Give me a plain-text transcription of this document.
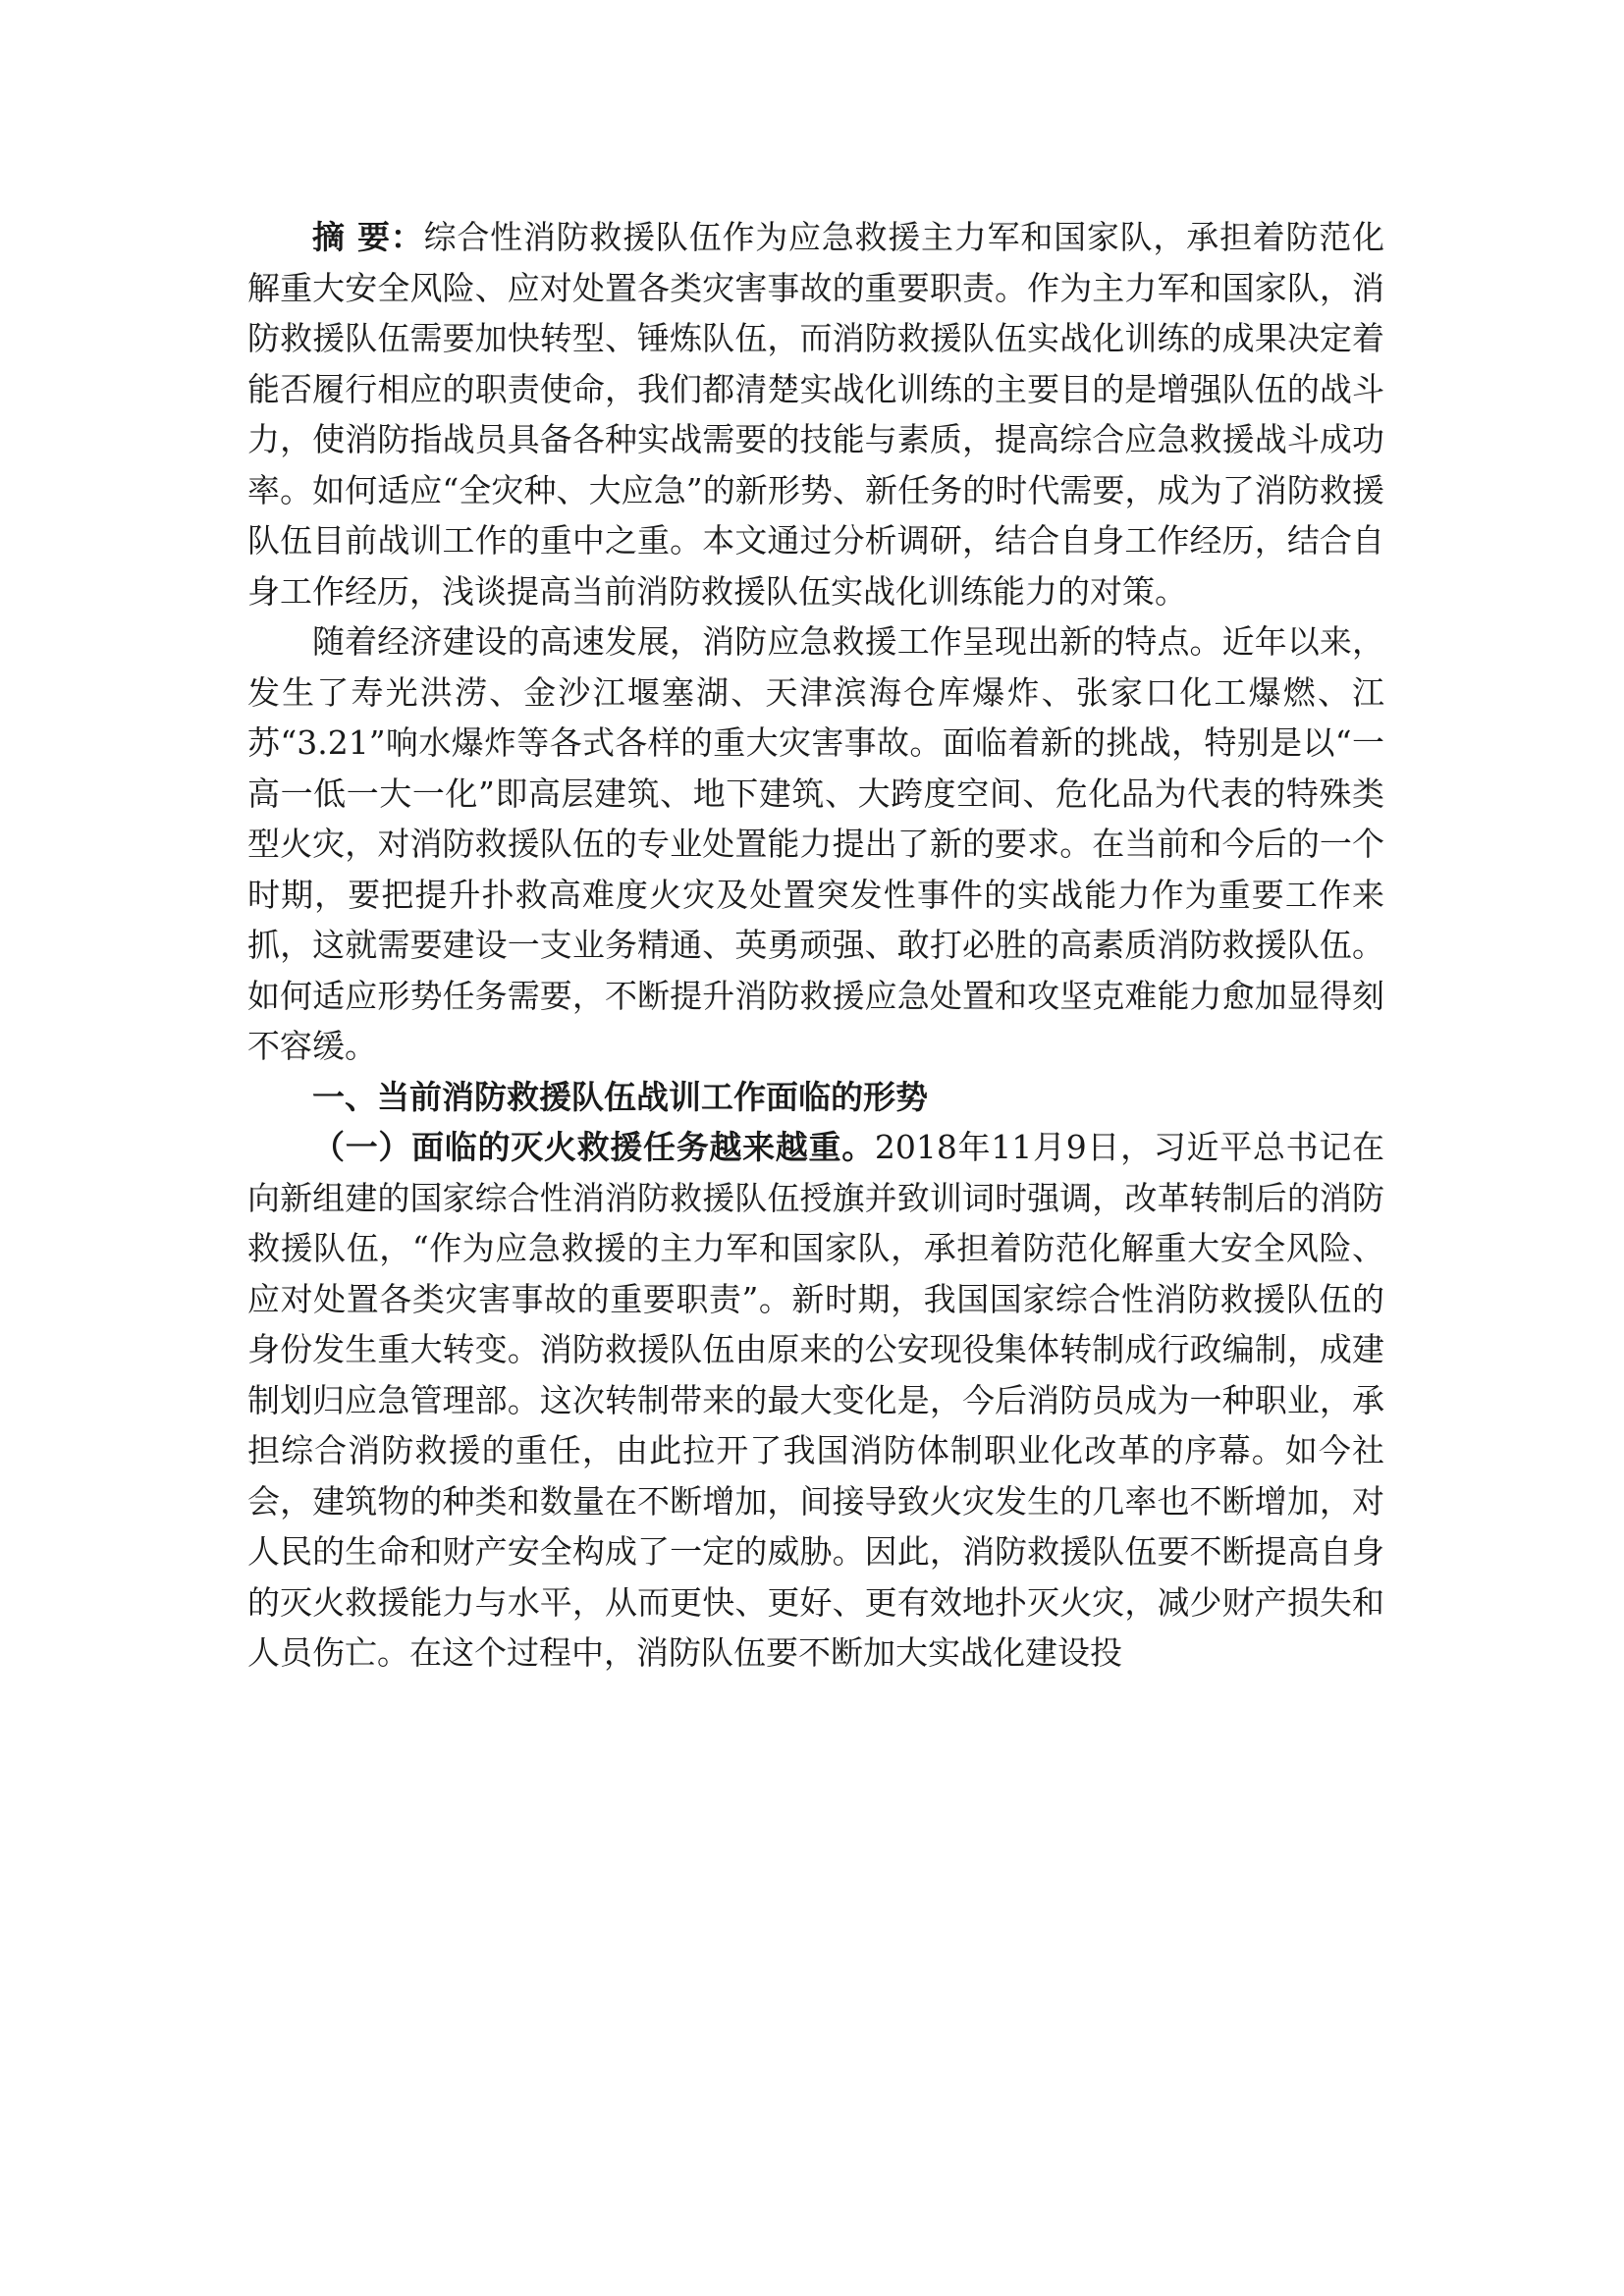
摘 要：综合性消防救援队伍作为应急救援主力军和国家队，承担着防范化解重大安全风险、应对处置各类灾害事故的重要职责。作为主力军和国家队，消防救援队伍需要加快转型、锤炼队伍，而消防救援队伍实战化训练的成果决定着能否履行相应的职责使命，我们都清楚实战化训练的主要目的是增强队伍的战斗力，使消防指战员具备各种实战需要的技能与素质，提高综合应急救援战斗成功率。如何适应“全灾种、大应急”的新形势、新任务的时代需要，成为了消防救援队伍目前战训工作的重中之重。本文通过分析调研，结合自身工作经历，结合自身工作经历，浅谈提高当前消防救援队伍实战化训练能力的对策。

随着经济建设的高速发展，消防应急救援工作呈现出新的特点。近年以来，发生了寿光洪涝、金沙江堰塞湖、天津滨海仓库爆炸、张家口化工爆燃、江苏“3.21”响水爆炸等各式各样的重大灾害事故。面临着新的挑战，特别是以“一高一低一大一化”即高层建筑、地下建筑、大跨度空间、危化品为代表的特殊类型火灾，对消防救援队伍的专业处置能力提出了新的要求。在当前和今后的一个时期，要把提升扑救高难度火灾及处置突发性事件的实战能力作为重要工作来抓，这就需要建设一支业务精通、英勇顽强、敢打必胜的高素质消防救援队伍。如何适应形势任务需要，不断提升消防救援应急处置和攻坚克难能力愈加显得刻不容缓。

一、当前消防救援队伍战训工作面临的形势

（一）面临的灭火救援任务越来越重。2018年11月9日，习近平总书记在向新组建的国家综合性消消防救援队伍授旗并致训词时强调，改革转制后的消防救援队伍，“作为应急救援的主力军和国家队，承担着防范化解重大安全风险、应对处置各类灾害事故的重要职责”。新时期，我国国家综合性消防救援队伍的身份发生重大转变。消防救援队伍由原来的公安现役集体转制成行政编制，成建制划归应急管理部。这次转制带来的最大变化是，今后消防员成为一种职业，承担综合消防救援的重任，由此拉开了我国消防体制职业化改革的序幕。如今社会，建筑物的种类和数量在不断增加，间接导致火灾发生的几率也不断增加，对人民的生命和财产安全构成了一定的威胁。因此，消防救援队伍要不断提高自身的灭火救援能力与水平，从而更快、更好、更有效地扑灭火灾，减少财产损失和人员伤亡。在这个过程中，消防队伍要不断加大实战化建设投
